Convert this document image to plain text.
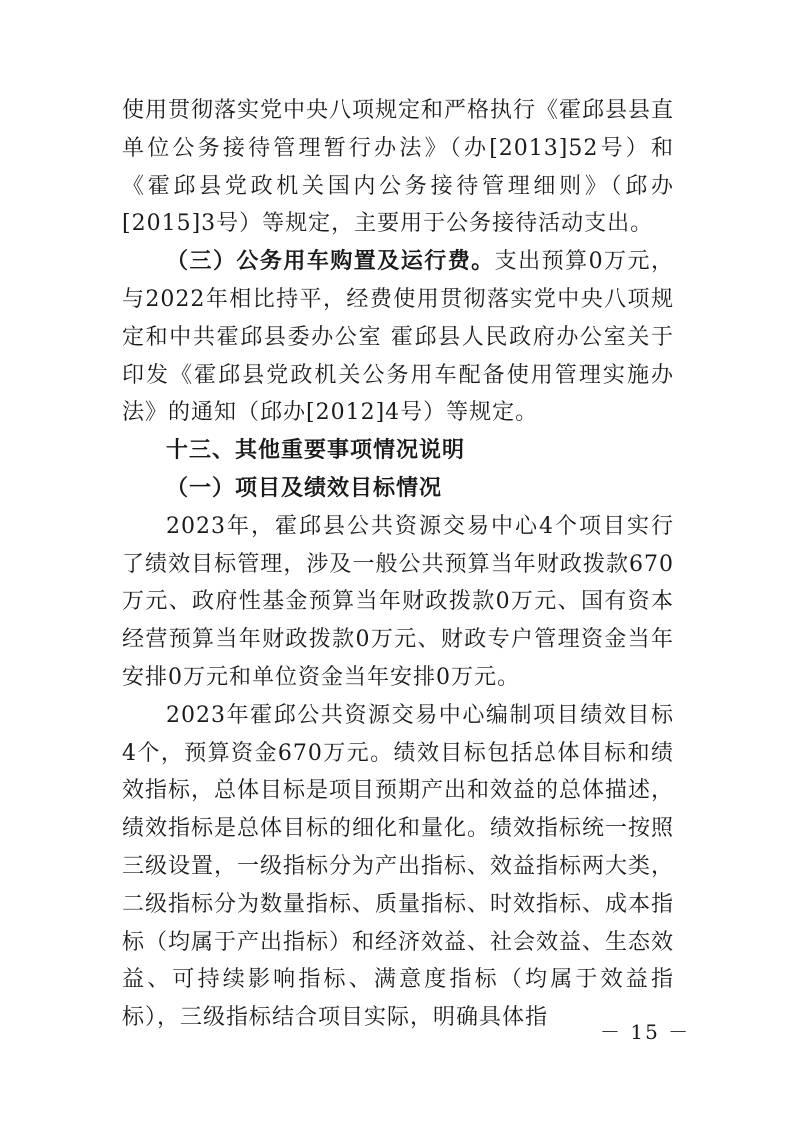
使用贯彻落实党中央八项规定和严格执行《霍邱县县直单位公务接待管理暂行办法》（办[2013]52号）和《霍邱县党政机关国内公务接待管理细则》（邱办[2015]3号）等规定，主要用于公务接待活动支出。

（三）公务用车购置及运行费。支出预算0万元，与2022年相比持平，经费使用贯彻落实党中央八项规定和中共霍邱县委办公室 霍邱县人民政府办公室关于印发《霍邱县党政机关公务用车配备使用管理实施办法》的通知（邱办[2012]4号）等规定。

十三、其他重要事项情况说明

（一）项目及绩效目标情况

2023年，霍邱县公共资源交易中心4个项目实行了绩效目标管理，涉及一般公共预算当年财政拨款670万元、政府性基金预算当年财政拨款0万元、国有资本经营预算当年财政拨款0万元、财政专户管理资金当年安排0万元和单位资金当年安排0万元。

2023年霍邱公共资源交易中心编制项目绩效目标4个，预算资金670万元。绩效目标包括总体目标和绩效指标，总体目标是项目预期产出和效益的总体描述，绩效指标是总体目标的细化和量化。绩效指标统一按照三级设置，一级指标分为产出指标、效益指标两大类，二级指标分为数量指标、质量指标、时效指标、成本指标（均属于产出指标）和经济效益、社会效益、生态效益、可持续影响指标、满意度指标（均属于效益指标），三级指标结合项目实际，明确具体指

－ 15 －
